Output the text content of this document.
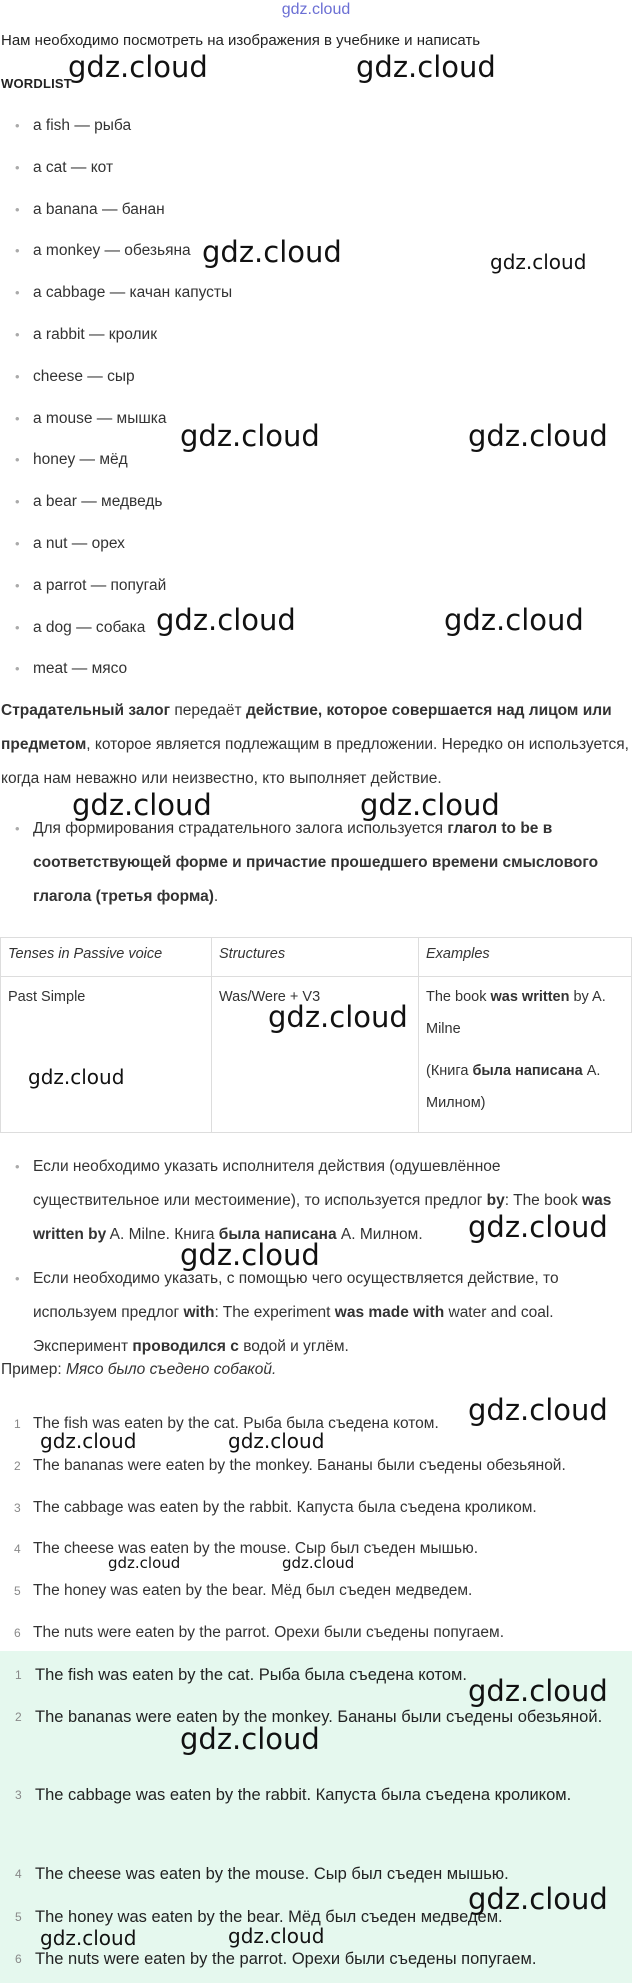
gdz.cloud
Нам необходимо посмотреть на изображения в учебнике и написать
WORDLIST
• a fish — рыба
• a cat — кот
• a banana — банан
• a monkey — обезьяна
• a cabbage — качан капусты
• a rabbit — кролик
• cheese — сыр
• a mouse — мышка
• honey — мёд
• a bear — медведь
• a nut — орех
• a parrot — попугай
• a dog — собака
• meat — мясо
Страдательный залог передаёт действие, которое совершается над лицом или предметом, которое является подлежащим в предложении. Нередко он используется, когда нам неважно или неизвестно, кто выполняет действие.
• Для формирования страдательного залога используется глагол to be в соответствующей форме и причастие прошедшего времени смыслового глагола (третья форма).
Tenses in Passive voice	Structures	Examples
Past Simple	Was/Were + V3	The book was written by A. Milne

(Книга была написана А. Милном)

• Если необходимо указать исполнителя действия (одушевлённое существительное или местоимение), то используется предлог by: The book was written by A. Milne. Книга была написана А. Милном.
• Если необходимо указать, с помощью чего осуществляется действие, то используем предлог with: The experiment was made with water and coal. Эксперимент проводился с водой и углём.
Пример: Мясо было съедено собакой.
1 The fish was eaten by the cat. Рыба была съедена котом.
2 The bananas were eaten by the monkey. Бананы были съедены обезьяной.
3 The cabbage was eaten by the rabbit. Капуста была съедена кроликом.
4 The cheese was eaten by the mouse. Сыр был съеден мышью.
5 The honey was eaten by the bear. Мёд был съеден медведем.
6 The nuts were eaten by the parrot. Орехи были съедены попугаем.
1 The fish was eaten by the cat. Рыба была съедена котом.
2 The bananas were eaten by the monkey. Бананы были съедены обезьяной.
3 The cabbage was eaten by the rabbit. Капуста была съедена кроликом.
4 The cheese was eaten by the mouse. Сыр был съеден мышью.
5 The honey was eaten by the bear. Мёд был съеден медведем.
6 The nuts were eaten by the parrot. Орехи были съедены попугаем.
gdz.cloud	gdz.cloud
gdz.cloud	gdz.cloud
gdz.cloud	gdz.cloud
gdz.cloud	gdz.cloud
gdz.cloud	gdz.cloud
gdz.cloud
gdz.cloud
gdz.cloud
gdz.cloud
gdz.cloud
gdz.cloud	gdz.cloud
gdz.cloud	gdz.cloud
gdz.cloud
gdz.cloud
gdz.cloud
gdz.cloud	gdz.cloud
